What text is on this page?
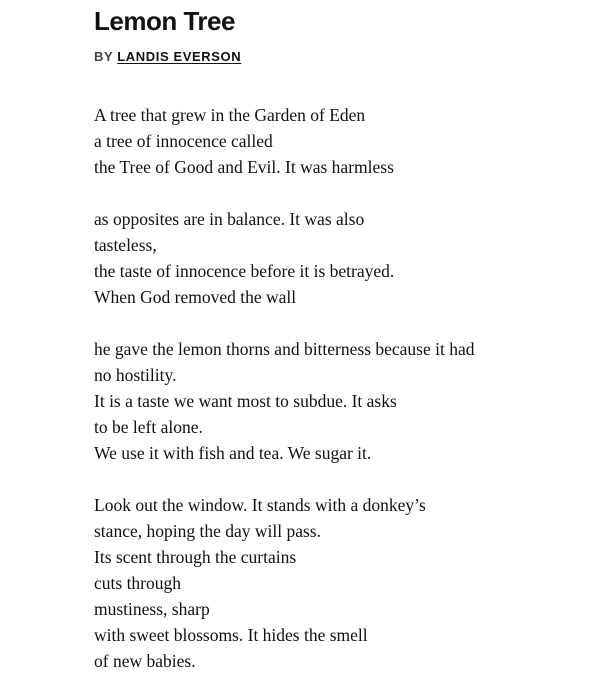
Lemon Tree
BY LANDIS EVERSON
A tree that grew in the Garden of Eden
a tree of innocence called
the Tree of Good and Evil. It was harmless
as opposites are in balance. It was also
tasteless,
the taste of innocence before it is betrayed.
When God removed the wall
he gave the lemon thorns and bitterness because it had
no hostility.
It is a taste we want most to subdue. It asks
to be left alone.
We use it with fish and tea. We sugar it.
Look out the window. It stands with a donkey’s
stance, hoping the day will pass.
Its scent through the curtains
cuts through
mustiness, sharp
with sweet blossoms. It hides the smell
of new babies.
